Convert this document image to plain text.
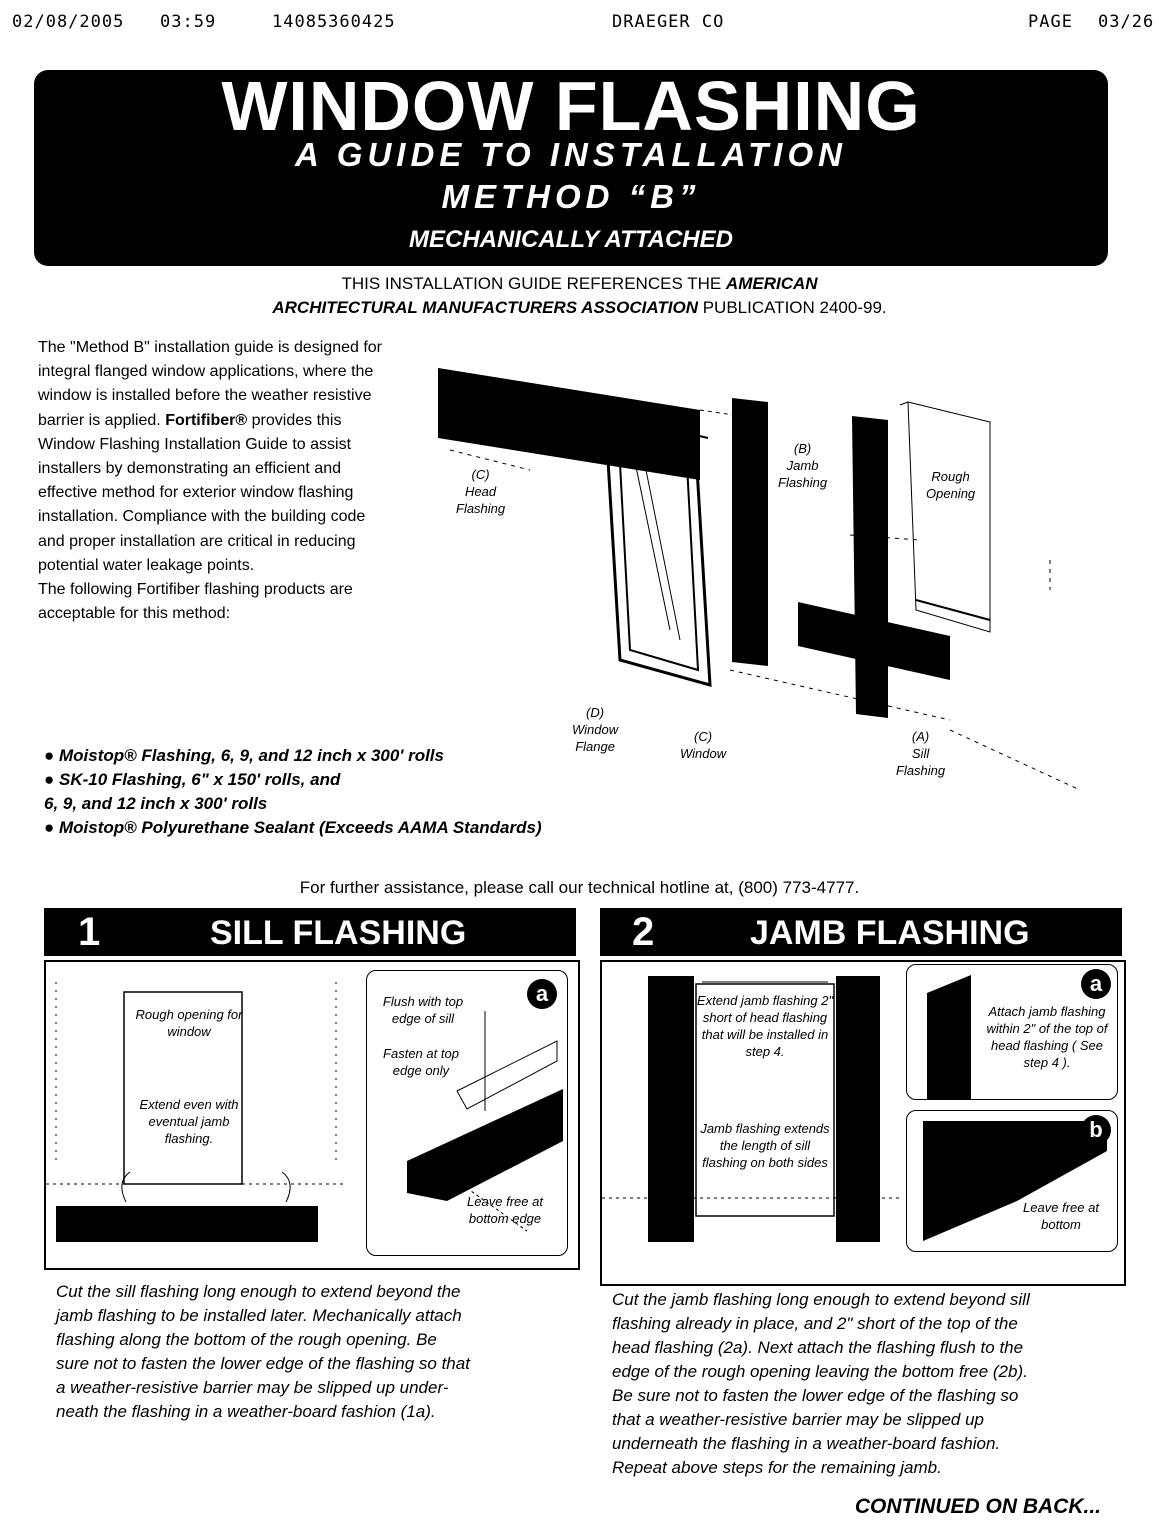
02/08/2005 03:59	14085360425	DRAEGER CO	PAGE 03/26
WINDOW FLASHING
A GUIDE TO INSTALLATION
METHOD “B”
MECHANICALLY ATTACHED
THIS INSTALLATION GUIDE REFERENCES THE AMERICAN
ARCHITECTURAL MANUFACTURERS ASSOCIATION PUBLICATION 2400-99.
The "Method B" installation guide is designed for integral flanged window applications, where the window is installed before the weather resistive barrier is applied. Fortifiber® provides this Window Flashing Installation Guide to assist installers by demonstrating an efficient and effective method for exterior window flashing installation. Compliance with the building code and proper installation are critical in reducing potential water leakage points.
The following Fortifiber flashing products are acceptable for this method:
● Moistop® Flashing, 6, 9, and 12 inch x 300' rolls
● SK-10 Flashing, 6" x 150' rolls, and
6, 9, and 12 inch x 300' rolls
● Moistop® Polyurethane Sealant (Exceeds AAMA Standards)
(C)
Head
Flashing
(B)
Jamb
Flashing	Rough
Opening
(D)
Window
Flange
(C)
Window
(A)
Sill
Flashing
For further assistance, please call our technical hotline at, (800) 773-4777.
1	SILL FLASHING
Rough opening for window
Extend even with eventual jamb flashing.
a
Flush with top edge of sill
Fasten at top edge only
Leave free at bottom edge
Cut the sill flashing long enough to extend beyond the
jamb flashing to be installed later. Mechanically attach
flashing along the bottom of the rough opening. Be
sure not to fasten the lower edge of the flashing so that
a weather-resistive barrier may be slipped up under-
neath the flashing in a weather-board fashion (1a).
2	JAMB FLASHING
Extend jamb flashing 2" short of head flashing that will be installed in step 4.
Jamb flashing extends the length of sill flashing on both sides
a
Attach jamb flashing within 2" of the top of head flashing ( See step 4 ).
b
Leave free at bottom
Cut the jamb flashing long enough to extend beyond sill
flashing already in place, and 2" short of the top of the
head flashing (2a). Next attach the flashing flush to the
edge of the rough opening leaving the bottom free (2b).
Be sure not to fasten the lower edge of the flashing so
that a weather-resistive barrier may be slipped up
underneath the flashing in a weather-board fashion.
Repeat above steps for the remaining jamb.
CONTINUED ON BACK...
